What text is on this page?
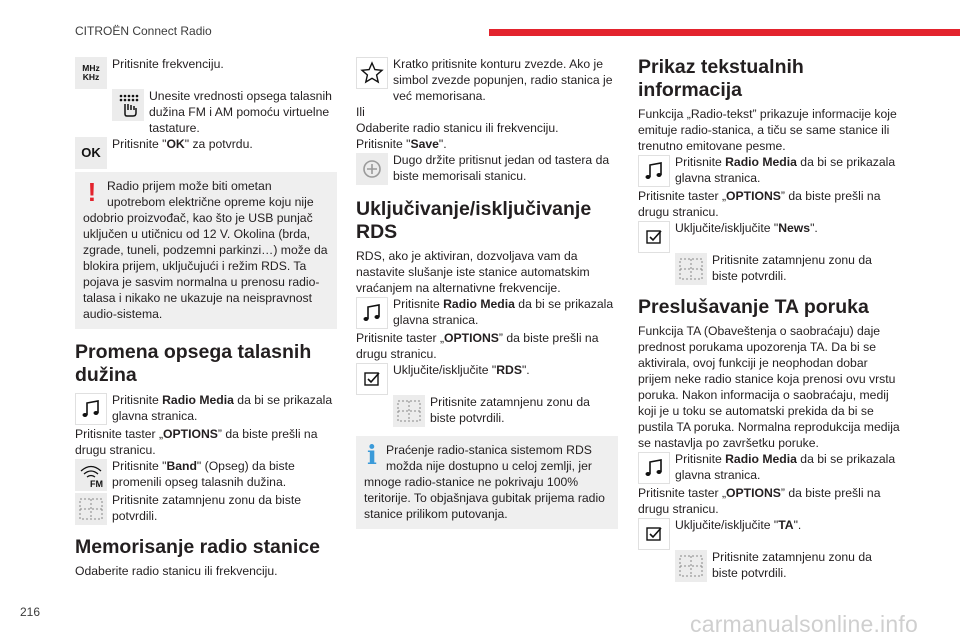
CITROËN Connect Radio
MHz
KHz
Pritisnite frekvenciju.
Unesite vrednosti opsega talasnih dužina FM i AM pomoću virtuelne tastature.
OK
Pritisnite "OK" za potvrdu.
! Radio prijem može biti ometan upotrebom električne opreme koju nije odobrio proizvođač, kao što je USB punjač uključen u utičnicu od 12 V. Okolina (brda, zgrade, tuneli, podzemni parkinzi…) može da blokira prijem, uključujući i režim RDS. Ta pojava je sasvim normalna u prenosu radio-talasa i nikako ne ukazuje na neispravnost audio-sistema.
Promena opsega talasnih dužina
Pritisnite Radio Media da bi se prikazala glavna stranica.
Pritisnite taster „OPTIONS” da biste prešli na drugu stranicu.
FM
Pritisnite "Band" (Opseg) da biste promenili opseg talasnih dužina.
Pritisnite zatamnjenu zonu da biste potvrdili.
Memorisanje radio stanice
Odaberite radio stanicu ili frekvenciju.
Kratko pritisnite konturu zvezde. Ako je simbol zvezde popunjen, radio stanica je već memorisana.
Ili
Odaberite radio stanicu ili frekvenciju.
Pritisnite "Save".
Dugo držite pritisnut jedan od tastera da biste memorisali stanicu.
Uključivanje/isključivanje RDS
RDS, ako je aktiviran, dozvoljava vam da nastavite slušanje iste stanice automatskim vraćanjem na alternativne frekvencije.
Pritisnite Radio Media da bi se prikazala glavna stranica.
Pritisnite taster „OPTIONS” da biste prešli na drugu stranicu.
Uključite/isključite "RDS".
Pritisnite zatamnjenu zonu da biste potvrdili.
i Praćenje radio-stanica sistemom RDS možda nije dostupno u celoj zemlji, jer mnoge radio-stanice ne pokrivaju 100% teritorije. To objašnjava gubitak prijema radio stanice prilikom putovanja.
Prikaz tekstualnih informacija
Funkcija „Radio-tekst” prikazuje informacije koje emituje radio-stanica, a tiču se same stanice ili trenutno emitovane pesme.
Pritisnite Radio Media da bi se prikazala glavna stranica.
Pritisnite taster „OPTIONS” da biste prešli na drugu stranicu.
Uključite/isključite "News".
Pritisnite zatamnjenu zonu da biste potvrdili.
Preslušavanje TA poruka
Funkcija TA (Obaveštenja o saobraćaju) daje prednost porukama upozorenja TA. Da bi se aktivirala, ovoj funkciji je neophodan dobar prijem neke radio stanice koja prenosi ovu vrstu poruka. Nakon informacija o saobraćaju, medij koji je u toku se automatski prekida da bi se pustila TA poruka. Normalna reprodukcija medija se nastavlja po završetku poruke.
Pritisnite Radio Media da bi se prikazala glavna stranica.
Pritisnite taster „OPTIONS” da biste prešli na drugu stranicu.
Uključite/isključite "TA".
Pritisnite zatamnjenu zonu da biste potvrdili.
216	carmanualsonline.info
